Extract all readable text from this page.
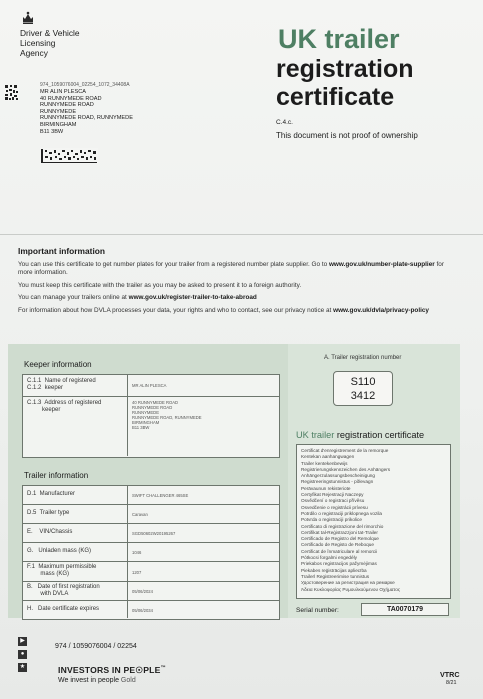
Driver & Vehicle
Licensing
Agency	UK trailer
registration
certificate
C.4.c.
This document is not proof of ownership
974_1059076004_02254_1072_34408A
MR ALIN PLESCA
40 RUNNYMEDE ROAD
RUNNYMEDE ROAD
RUNNYMEDE
RUNNYMEDE ROAD, RUNNYMEDE
BIRMINGHAM
B11 3BW
Important information

You can use this certificate to get number plates for your trailer from a registered number plate supplier. Go to www.gov.uk/number-plate-supplier for more information.

You must keep this certificate with the trailer as you may be asked to present it to a foreign authority.

You can manage your trailers online at www.gov.uk/register-trailer-to-take-abroad

For information about how DVLA processes your data, your rights and who to contact, see our privacy notice at www.gov.uk/dvla/privacy-policy

Keeper information
C.1.1  Name of registered
C.1.2  keeper	MR ALIN PLESCA
C.1.3  Address of registered
keeper
40 RUNNYMEDE ROAD
RUNNYMEDE ROAD
RUNNYMEDE
RUNNYMEDE ROAD, RUNNYMEDE
BIRMINGHAM
B11 3BW
Trailer information
D.1  Manufacturer	SWIFT CHALLENGER 465SE
D.5  Trailer type	Caravan
E.    VIN/Chassis	SGD50602W20195267
G.   Unladen mass (KG)	1046
F.1  Maximum permissible
mass (KG)	1207
B.   Date of first registration
with DVLA	05/06/2024
H.   Date certificate expires	05/06/2034
A. Trailer registration number
S110
3412
UK trailer registration certificate
Certificat d'enregistrement de la remorque
Kentekan aanhangwagen
Trailer kentekenbewijs
Registrierungskennzeichen des Anhängers
Anhängerzulassungsbescheinigung
Registreeringstunnistus - põlevagn
Perävaunun rekisteriote
Certyfikat Rejestracji Naczepy
Osvědčení o registraci přívěsu
Osvedčenie o registrácii prívesu
Potrdilo o registraciji priklopnega vozila
Potvrda o registraciji prikolice
Certificato di registrazione del rimorchio
Certifikat tal-Reġistrazzjoni tat-Trailer
Certificado de Registro del Remolque
Certificado de Registo de Reboque
Certificat de înmatriculare al remorcii
Pótkocsi forgalmi engedély
Priekabos registracijos pažymėjimas
Piekabes reģistrācijas apliecība
Trailerl Registreerimise tunnistus
Удостоверение за регистрация на ремарке
Άδεια Κυκλοφορίας Ρυμουλκούμενου Οχήματος
Serial number:	TA0070179
▶
●
★
974 / 1059076004 / 02254
INVESTORS IN PE☉PLE™
We invest in people Gold
VTRC
8/21
